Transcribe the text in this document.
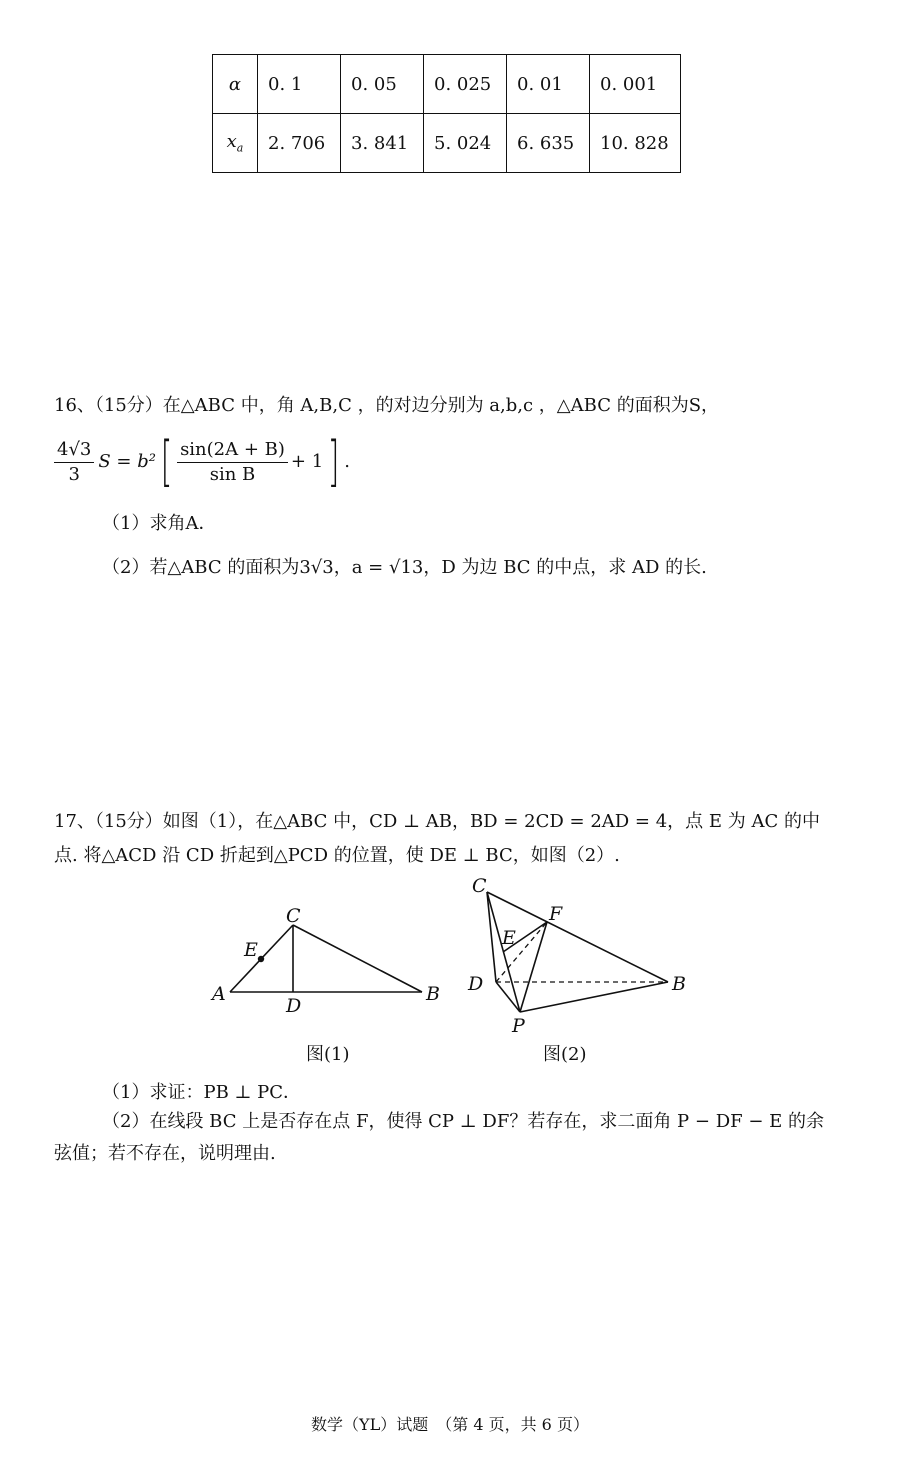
α	0. 1	0. 05	0. 025	0. 01	0. 001
$x_a$	2. 706	3. 841	5. 024	6. 635	10. 828
16、（15分）在△ABC 中，角 A,B,C ，的对边分别为 a,b,c ，△ABC 的面积为S，
$\frac{4√3}{3}$ S = b² [ $\frac{\sin(2A + B)}{\text{sin B}} + 1$ ] .
（1）求角A．
（2）若△ABC 的面积为3√3，a = √13，D 为边 BC 的中点，求 AD 的长.
17、（15分）如图（1），在△ABC 中，CD ⊥ AB，BD = 2CD = 2AD = 4，点 E 为 AC 的中
点. 将△ACD 沿 CD 折起到△PCD 的位置，使 DE ⊥ BC，如图（2）.
C
E
A
D
B
图(1)
C
F
E
D	B
P
图(2)
（1）求证：PB ⊥ PC．
（2）在线段 BC 上是否存在点 F，使得 CP ⊥ DF？若存在，求二面角 P − DF − E 的余
弦值；若不存在，说明理由.
数学（YL）试题　（第 4 页，共 6 页）
